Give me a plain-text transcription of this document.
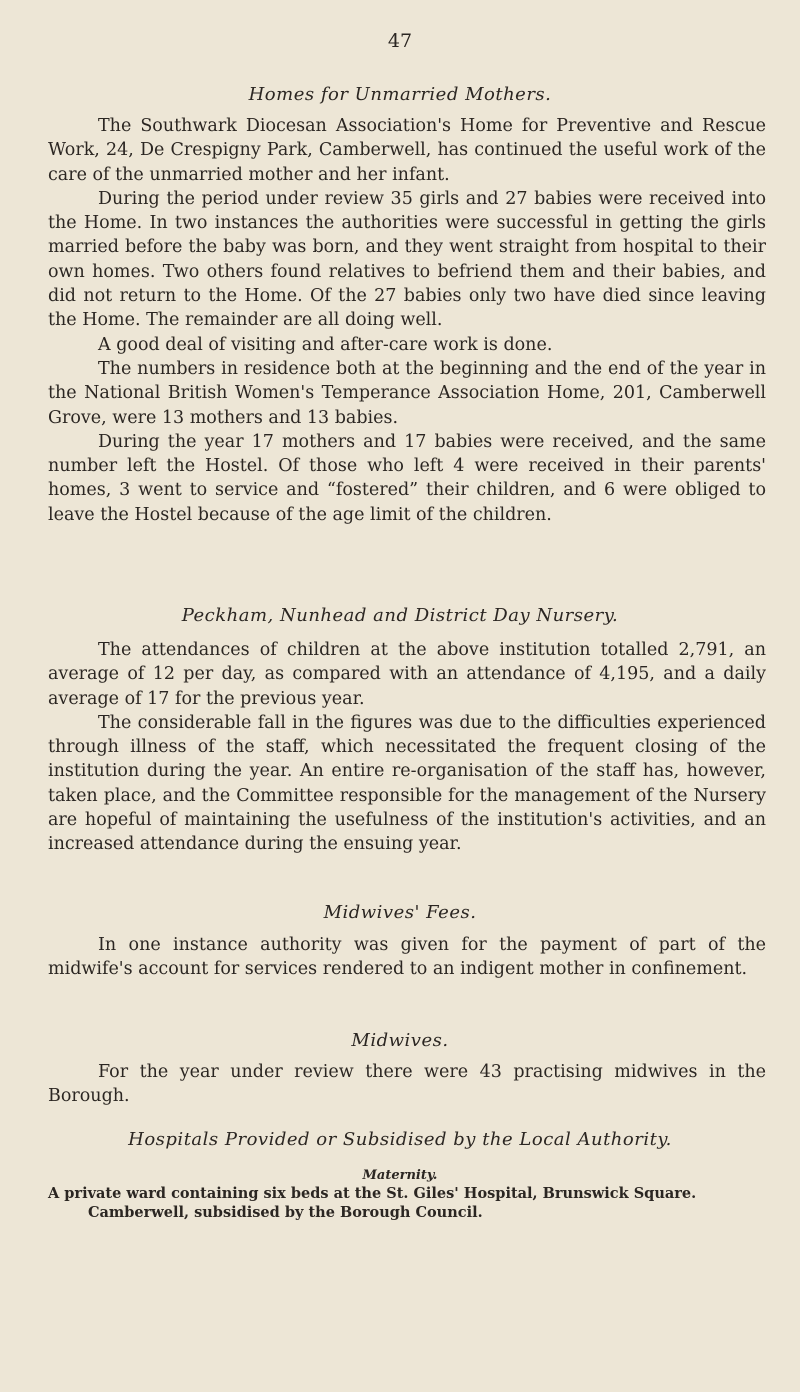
47
Homes for Unmarried Mothers.

The Southwark Diocesan Association's Home for Preventive and Rescue Work, 24, De Crespigny Park, Camberwell, has continued the useful work of the care of the unmarried mother and her infant.

During the period under review 35 girls and 27 babies were received into the Home. In two instances the authorities were successful in getting the girls married before the baby was born, and they went straight from hospital to their own homes. Two others found relatives to befriend them and their babies, and did not return to the Home. Of the 27 babies only two have died since leaving the Home. The remainder are all doing well.

A good deal of visiting and after-care work is done.

The numbers in residence both at the beginning and the end of the year in the National British Women's Temperance Association Home, 201, Camberwell Grove, were 13 mothers and 13 babies.

During the year 17 mothers and 17 babies were received, and the same number left the Hostel. Of those who left 4 were received in their parents' homes, 3 went to service and “fostered” their children, and 6 were obliged to leave the Hostel because of the age limit of the children.

Peckham, Nunhead and District Day Nursery.

The attendances of children at the above institution totalled 2,791, an average of 12 per day, as compared with an attendance of 4,195, and a daily average of 17 for the previous year.

The considerable fall in the figures was due to the difficulties experienced through illness of the staff, which necessitated the frequent closing of the institution during the year. An entire re-organisation of the staff has, however, taken place, and the Committee responsible for the management of the Nursery are hopeful of maintaining the usefulness of the institution's activities, and an increased attendance during the ensuing year.

Midwives' Fees.

In one instance authority was given for the payment of part of the midwife's account for services rendered to an indigent mother in confinement.

Midwives.

For the year under review there were 43 practising midwives in the Borough.

Hospitals Provided or Subsidised by the Local Authority.
Maternity.
A private ward containing six beds at the St. Giles' Hospital, Brunswick Square. Camberwell, subsidised by the Borough Council.
